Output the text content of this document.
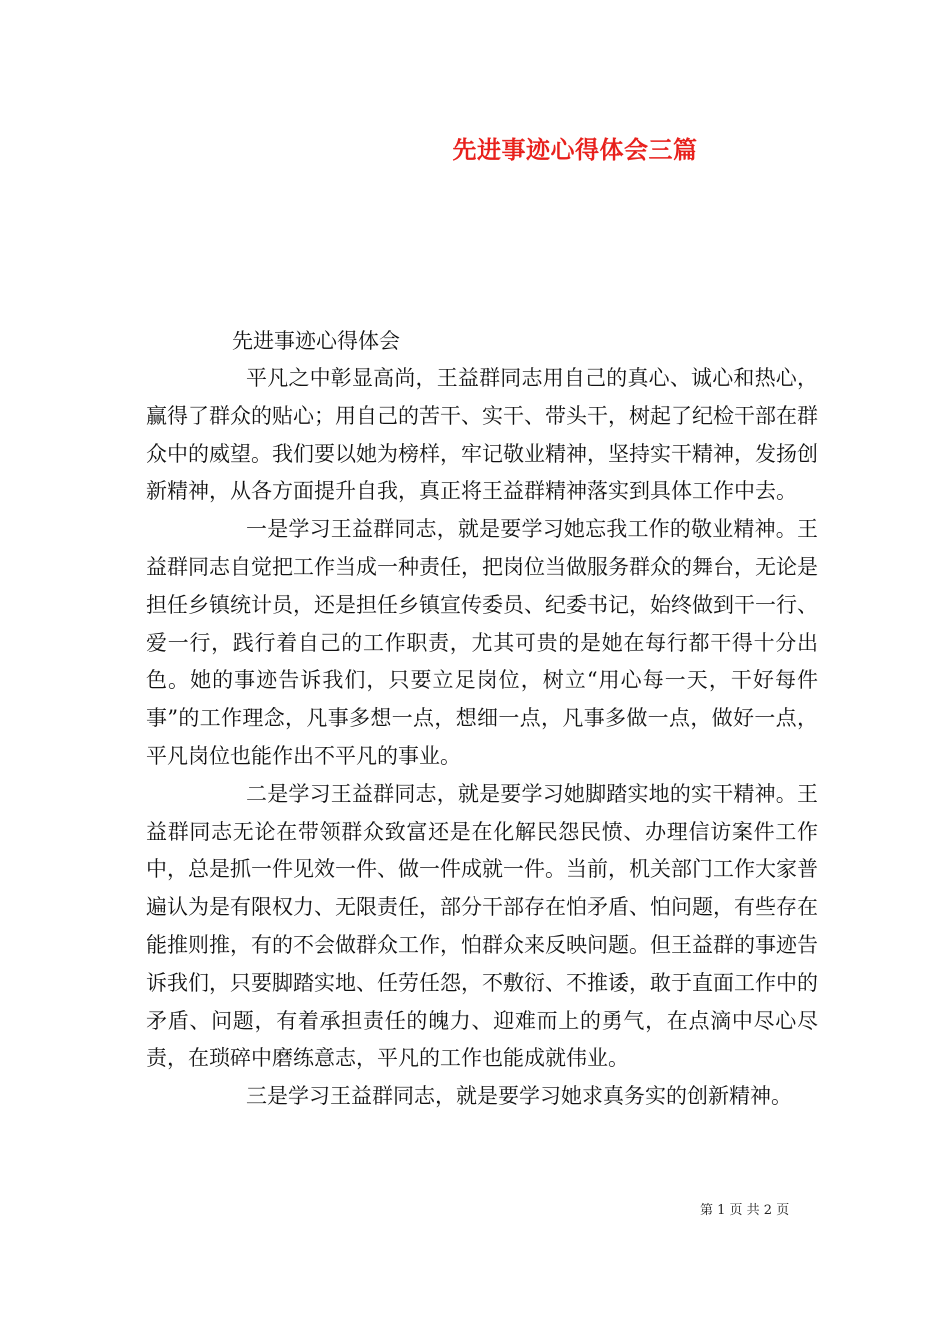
先进事迹心得体会三篇
先进事迹心得体会

平凡之中彰显高尚，王益群同志用自己的真心、诚心和热心，赢得了群众的贴心；用自己的苦干、实干、带头干，树起了纪检干部在群众中的威望。我们要以她为榜样，牢记敬业精神，坚持实干精神，发扬创新精神，从各方面提升自我，真正将王益群精神落实到具体工作中去。

一是学习王益群同志，就是要学习她忘我工作的敬业精神。王益群同志自觉把工作当成一种责任，把岗位当做服务群众的舞台，无论是担任乡镇统计员，还是担任乡镇宣传委员、纪委书记，始终做到干一行、爱一行，践行着自己的工作职责，尤其可贵的是她在每行都干得十分出色。她的事迹告诉我们，只要立足岗位，树立“用心每一天，干好每件事”的工作理念，凡事多想一点，想细一点，凡事多做一点，做好一点，平凡岗位也能作出不平凡的事业。

二是学习王益群同志，就是要学习她脚踏实地的实干精神。王益群同志无论在带领群众致富还是在化解民怨民愤、办理信访案件工作中，总是抓一件见效一件、做一件成就一件。当前，机关部门工作大家普遍认为是有限权力、无限责任，部分干部存在怕矛盾、怕问题，有些存在能推则推，有的不会做群众工作，怕群众来反映问题。但王益群的事迹告诉我们，只要脚踏实地、任劳任怨，不敷衍、不推诿，敢于直面工作中的矛盾、问题，有着承担责任的魄力、迎难而上的勇气，在点滴中尽心尽责，在琐碎中磨练意志，平凡的工作也能成就伟业。

三是学习王益群同志，就是要学习她求真务实的创新精神。

第 1 页 共 2 页
